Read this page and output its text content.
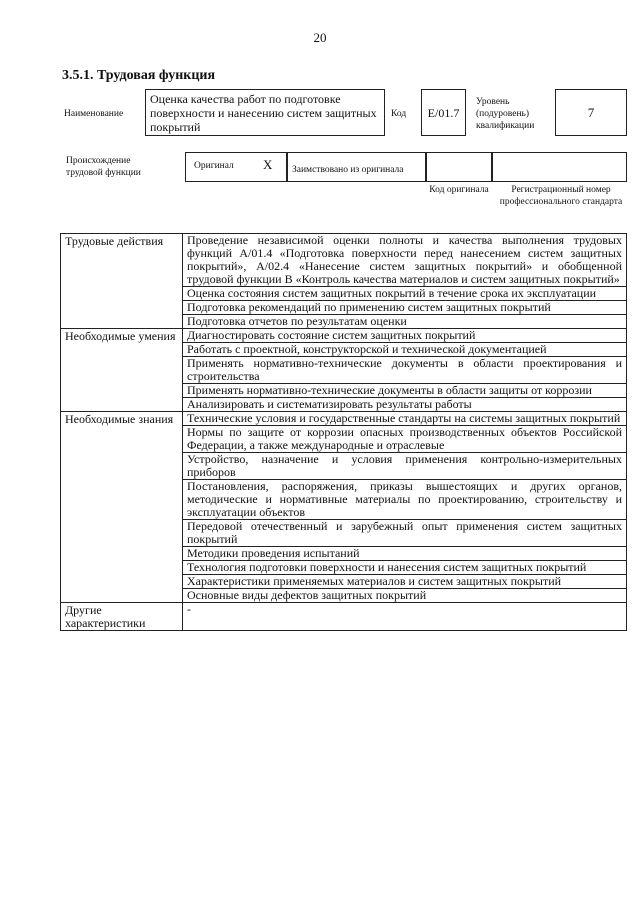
20
3.5.1. Трудовая функция
Наименование
Оценка качества работ по подготовке поверхности и нанесению систем защитных покрытий
Код E/01.7
Уровень (подуровень) квалификации
7
Происхождение трудовой функции
Оригинал X	Заимствовано из оригинала
Код оригинала	Регистрационный номер профессионального стандарта
Трудовые действия	Проведение независимой оценки полноты и качества выполнения трудовых функций А/01.4 «Подготовка поверхности перед нанесением систем защитных покрытий», А/02.4 «Нанесение систем защитных покрытий» и обобщенной трудовой функции В «Контроль качества материалов и систем защитных покрытий»
	Оценка состояния систем защитных покрытий в течение срока их эксплуатации
	Подготовка рекомендаций по применению систем защитных покрытий
	Подготовка отчетов по результатам оценки
Необходимые умения	Диагностировать состояние систем защитных покрытий
	Работать с проектной, конструкторской и технической документацией
	Применять нормативно-технические документы в области проектирования и строительства
	Применять нормативно-технические документы в области защиты от коррозии
	Анализировать и систематизировать результаты работы
Необходимые знания	Технические условия и государственные стандарты на системы защитных покрытий
	Нормы по защите от коррозии опасных производственных объектов Российской Федерации, а также международные и отраслевые
	Устройство, назначение и условия применения контрольно-измерительных приборов
	Постановления, распоряжения, приказы вышестоящих и других органов, методические и нормативные материалы по проектированию, строительству и эксплуатации объектов
	Передовой отечественный и зарубежный опыт применения систем защитных покрытий
	Методики проведения испытаний
	Технология подготовки поверхности и нанесения систем защитных покрытий
	Характеристики применяемых материалов и систем защитных покрытий
	Основные виды дефектов защитных покрытий
Другие характеристики	-
